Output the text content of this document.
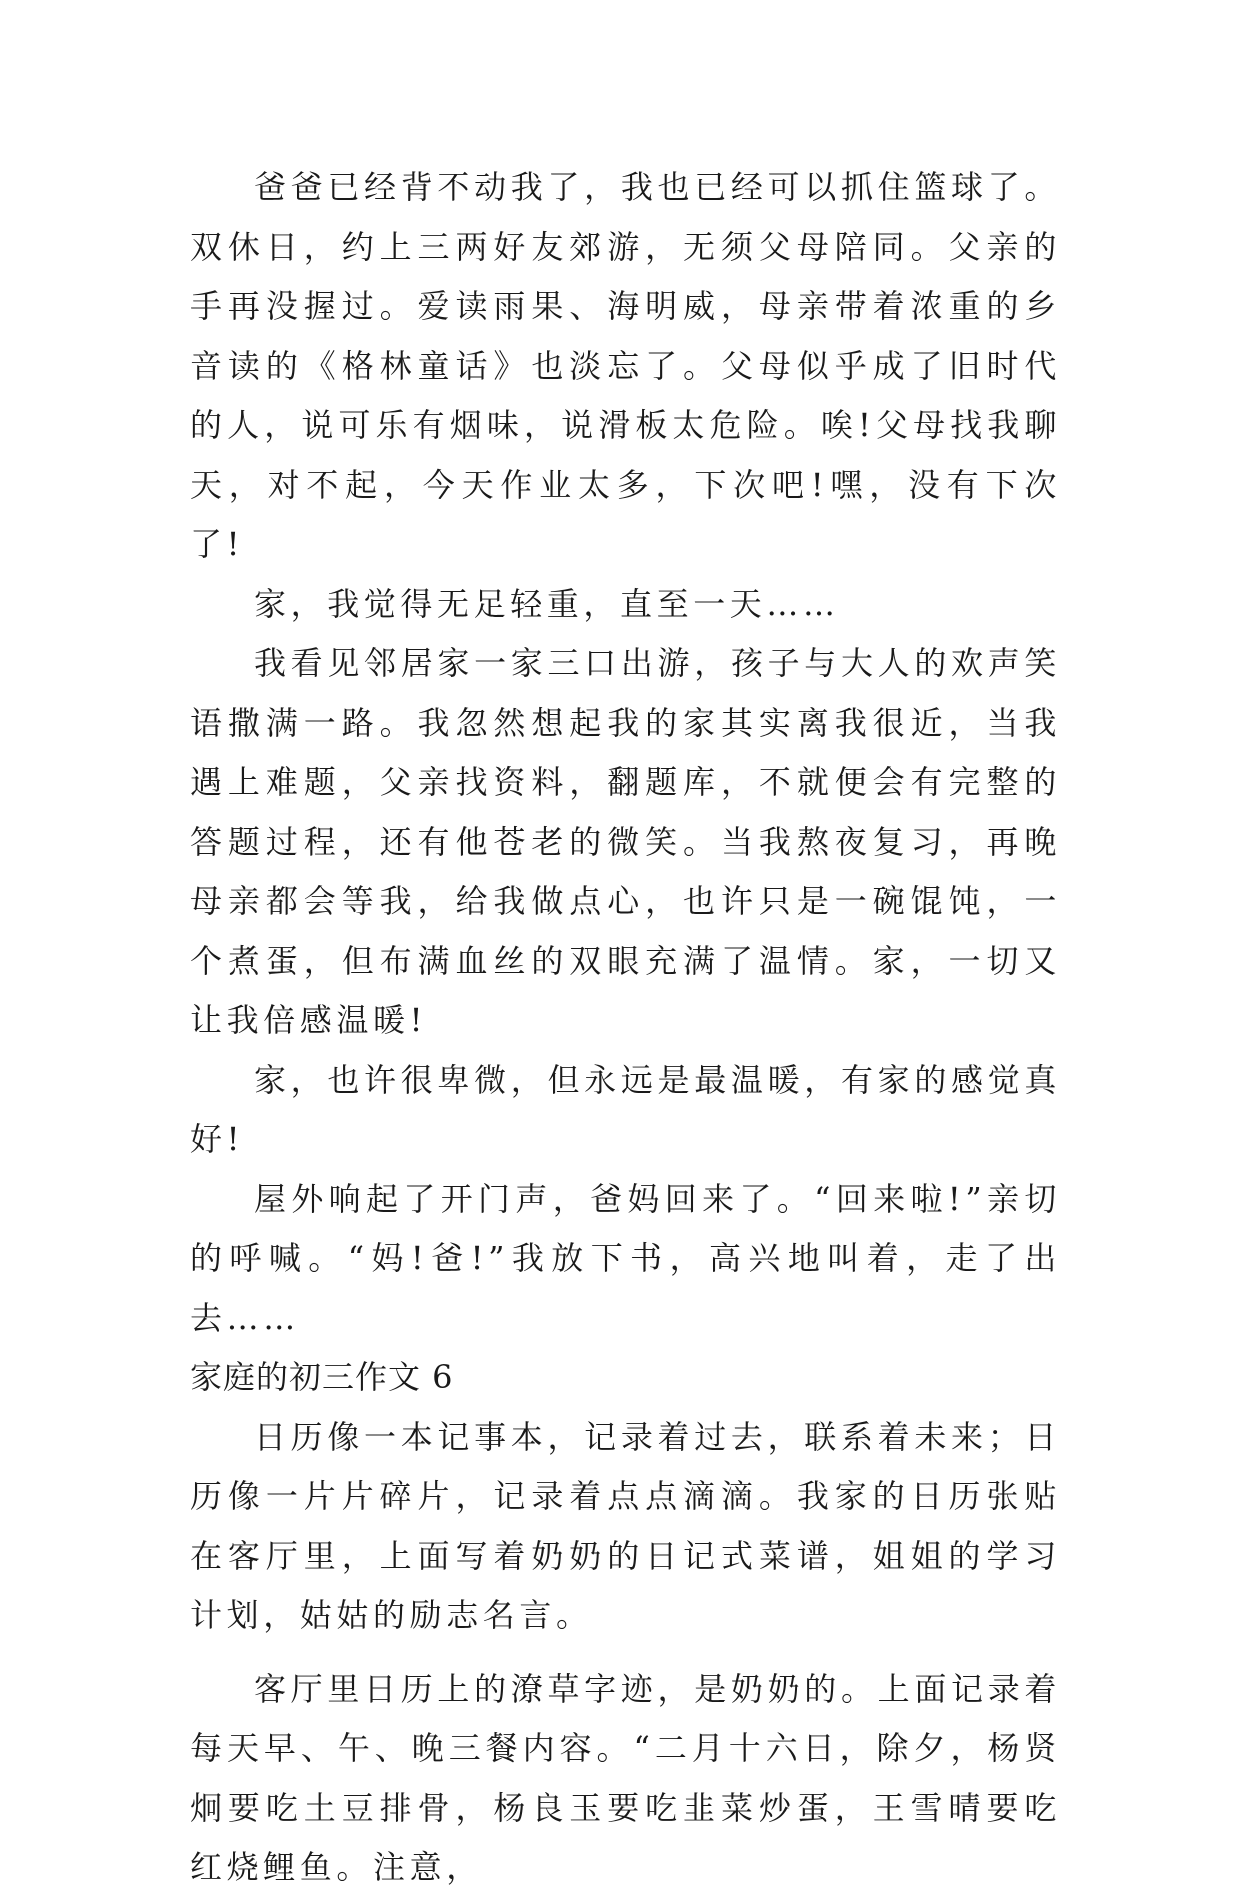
爸爸已经背不动我了，我也已经可以抓住篮球了。双休日，约上三两好友郊游，无须父母陪同。父亲的手再没握过。爱读雨果、海明威，母亲带着浓重的乡音读的《格林童话》也淡忘了。父母似乎成了旧时代的人，说可乐有烟味，说滑板太危险。唉!父母找我聊天，对不起，今天作业太多，下次吧!嘿，没有下次了!

家，我觉得无足轻重，直至一天……

我看见邻居家一家三口出游，孩子与大人的欢声笑语撒满一路。我忽然想起我的家其实离我很近，当我遇上难题，父亲找资料，翻题库，不就便会有完整的答题过程，还有他苍老的微笑。当我熬夜复习，再晚母亲都会等我，给我做点心，也许只是一碗馄饨，一个煮蛋，但布满血丝的双眼充满了温情。家，一切又让我倍感温暖!

家，也许很卑微，但永远是最温暖，有家的感觉真好!

屋外响起了开门声，爸妈回来了。“回来啦!”亲切的呼喊。“妈!爸!”我放下书，高兴地叫着，走了出去……

家庭的初三作文 6

日历像一本记事本，记录着过去，联系着未来；日历像一片片碎片，记录着点点滴滴。我家的日历张贴在客厅里，上面写着奶奶的日记式菜谱，姐姐的学习计划，姑姑的励志名言。

客厅里日历上的潦草字迹，是奶奶的。上面记录着每天早、午、晚三餐内容。“二月十六日，除夕，杨贤炯要吃土豆排骨，杨良玉要吃韭菜炒蛋，王雪晴要吃红烧鲤鱼。注意，
